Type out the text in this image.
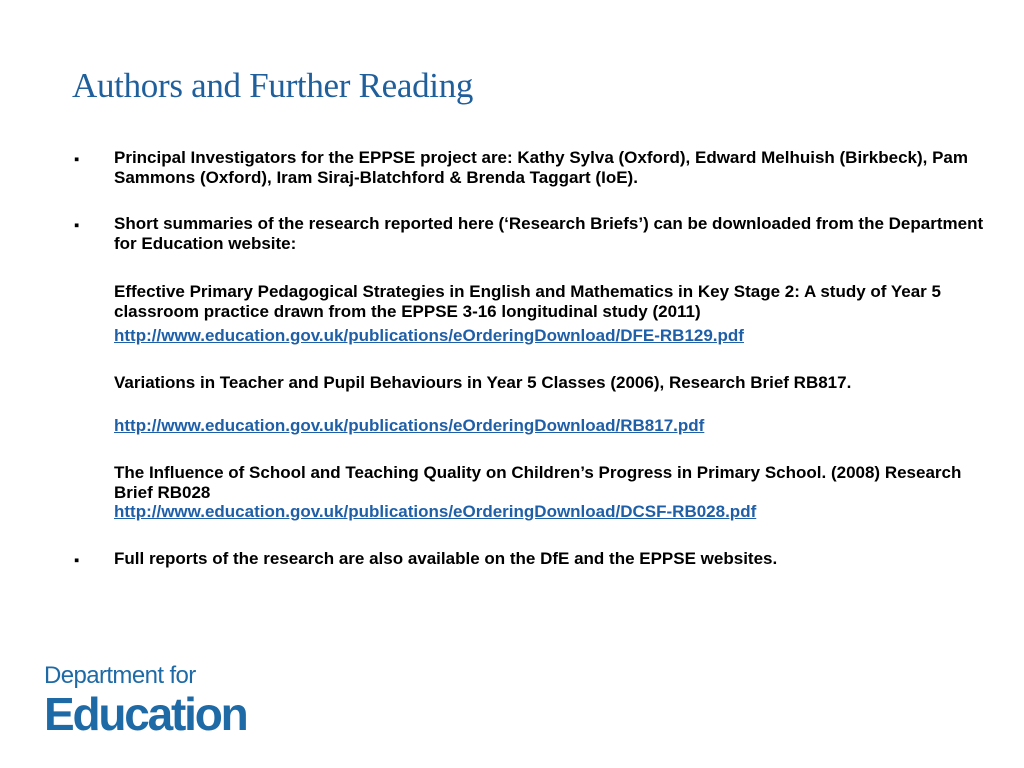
Authors and Further Reading
▪ Principal Investigators for the EPPSE project are: Kathy Sylva (Oxford), Edward Melhuish (Birkbeck), Pam Sammons (Oxford), Iram Siraj-Blatchford & Brenda Taggart (IoE).

▪ Short summaries of the research reported here (‘Research Briefs’) can be downloaded from the Department for Education website:

Effective Primary Pedagogical Strategies in English and Mathematics in Key Stage 2: A study of Year 5 classroom practice drawn from the EPPSE 3-16 longitudinal study (2011)

http://www.education.gov.uk/publications/eOrderingDownload/DFE-RB129.pdf

Variations in Teacher and Pupil Behaviours in Year 5 Classes (2006), Research Brief RB817.

http://www.education.gov.uk/publications/eOrderingDownload/RB817.pdf

The Influence of School and Teaching Quality on Children’s Progress in Primary School. (2008) Research Brief RB028

http://www.education.gov.uk/publications/eOrderingDownload/DCSF-RB028.pdf
▪ Full reports of the research are also available on the DfE and the EPPSE websites.

Department for
Education
